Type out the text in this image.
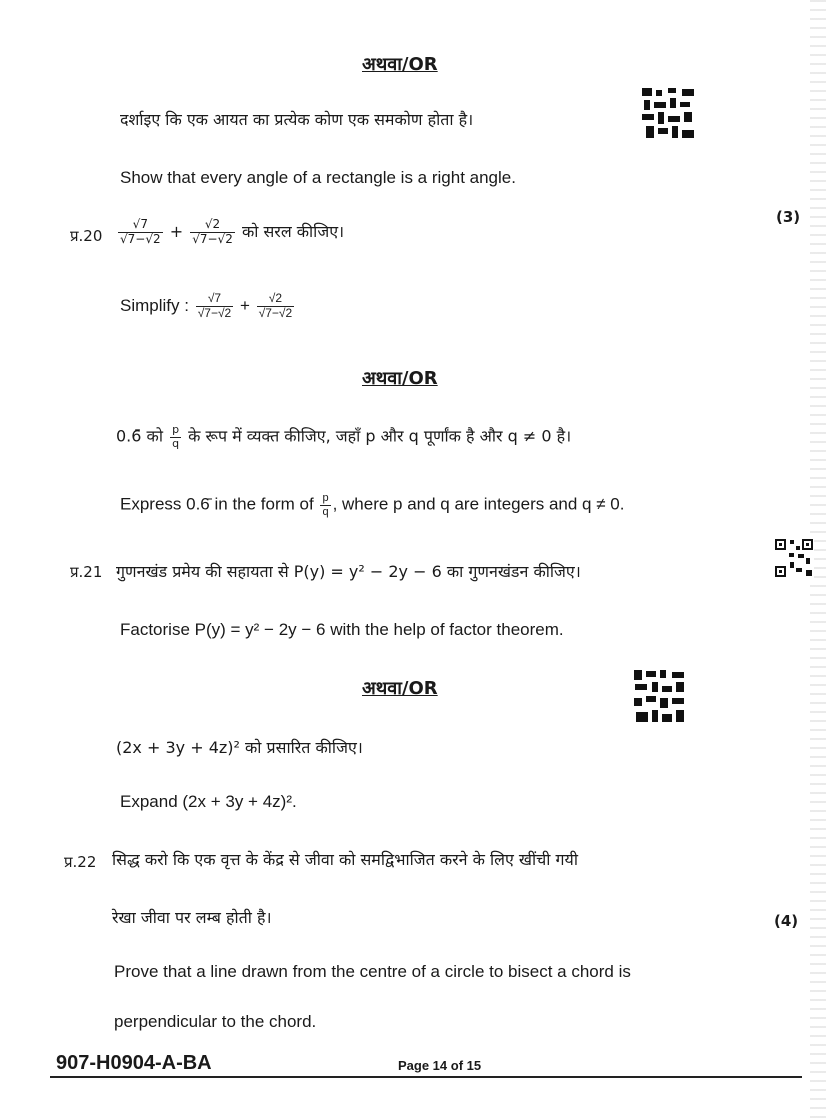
अथवा/OR
दर्शाइए कि एक आयत का प्रत्येक कोण एक समकोण होता है।
Show that every angle of a rectangle is a right angle.
प्र.20
(3)
$\frac{√7}{√7-√2} + \frac{√2}{√7-√2}$ को सरल कीजिए।
Simplify : $\frac{√7}{√7-√2} + \frac{√2}{√7-√2}$
अथवा/OR
0.6̄ को $\frac{p}{q}$ के रूप में व्यक्त कीजिए, जहाँ p और q पूर्णांक है और q ≠ 0 है।
Express 0.6̄ in the form of $\frac{p}{q}$ , where p and q are integers and q ≠ 0.
प्र.21 गुणनखंड प्रमेय की सहायता से P(y) = y² − 2y − 6 का गुणनखंडन कीजिए।
Factorise P(y) = y² − 2y − 6 with the help of factor theorem.
अथवा/OR
(2x + 3y + 4z)² को प्रसारित कीजिए।
Expand (2x + 3y + 4z)².
प्र.22 सिद्ध करो कि एक वृत्त के केंद्र से जीवा को समद्विभाजित करने के लिए खींची गयी
रेखा जीवा पर लम्ब होती है।	(4)
Prove that a line drawn from the centre of a circle to bisect a chord is
perpendicular to the chord.
907-H0904-A-BA	Page 14 of 15
